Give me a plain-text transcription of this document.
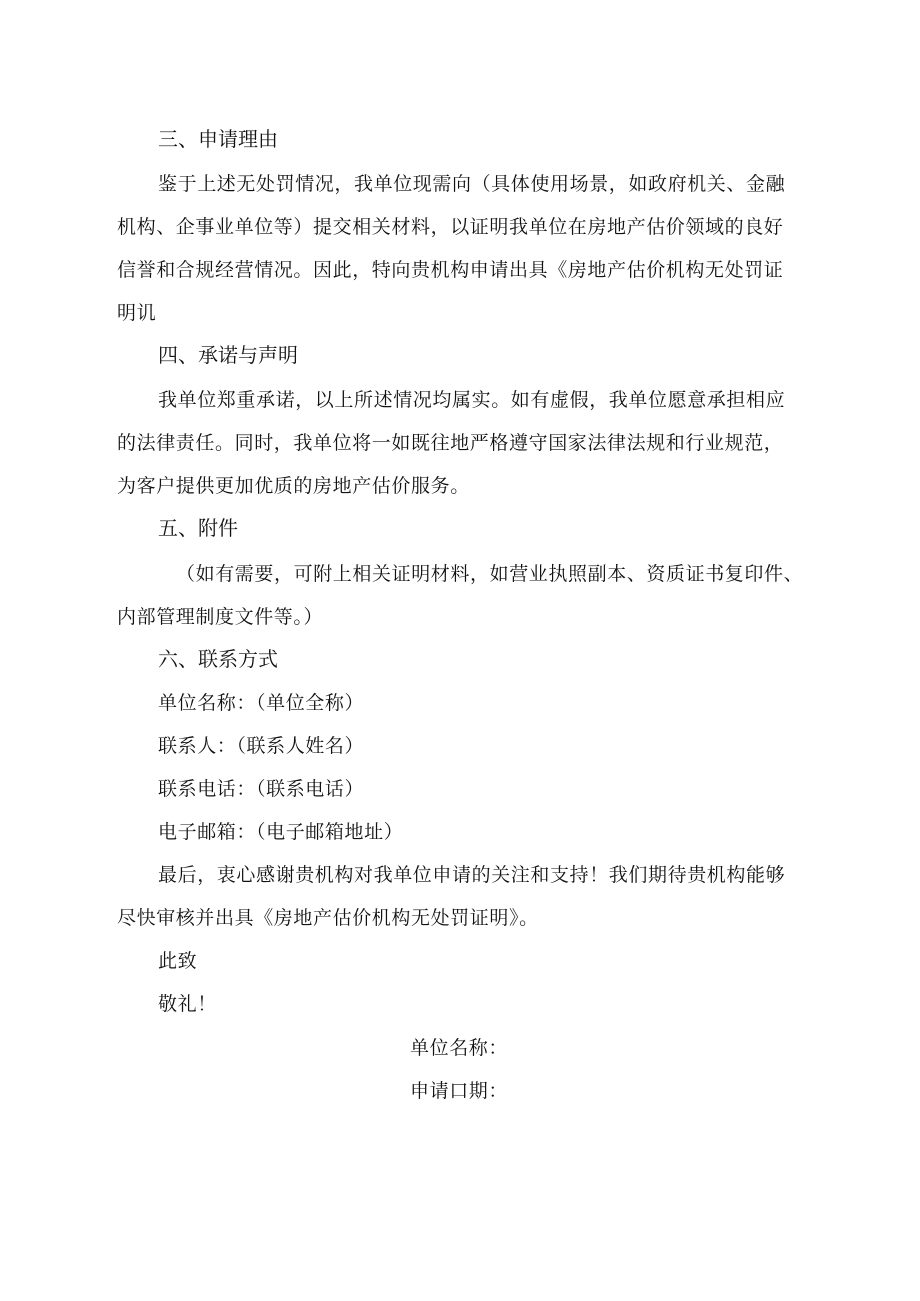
三、申请理由
鉴于上述无处罚情况，我单位现需向（具体使用场景，如政府机关、金融
机构、企事业单位等）提交相关材料，以证明我单位在房地产估价领域的良好
信誉和合规经营情况。因此，特向贵机构申请出具《房地产估价机构无处罚证
明讥
四、承诺与声明
我单位郑重承诺，以上所述情况均属实。如有虚假，我单位愿意承担相应
的法律责任。同时，我单位将一如既往地严格遵守国家法律法规和行业规范，
为客户提供更加优质的房地产估价服务。
五、附件
（如有需要，可附上相关证明材料，如营业执照副本、资质证书复印件、
内部管理制度文件等。）
六、联系方式
单位名称：（单位全称）
联系人：（联系人姓名）
联系电话：（联系电话）
电子邮箱：（电子邮箱地址）
最后，衷心感谢贵机构对我单位申请的关注和支持！我们期待贵机构能够
尽快审核并出具《房地产估价机构无处罚证明》。
此致
敬礼！
单位名称：
申请口期：
